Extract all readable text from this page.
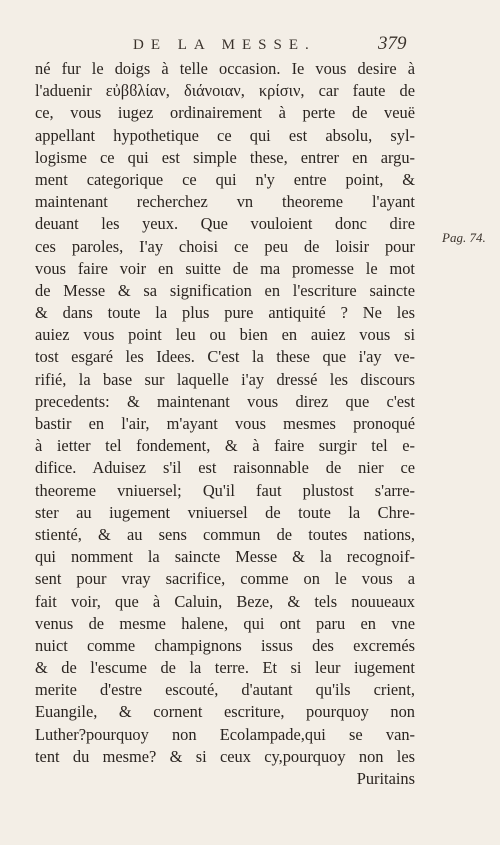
DE LA MESSE.	379
né fur le doigs à telle occasion. Ie vous desire à
l'aduenir εὐβϐλίαν, διάνοιαν, κρίσιν, car faute de
ce, vous iugez ordinairement à perte de veuë
appellant hypothetique ce qui est absolu, syl-
logisme ce qui est simple these, entrer en argu-
ment categorique ce qui n'y entre point, &
maintenant recherchez vn theoreme l'ayant
deuant les yeux. Que vouloient donc dire
ces paroles, I'ay choisi ce peu de loisir pour
vous faire voir en suitte de ma promesse le mot
de Messe & sa signification en l'escriture saincte
& dans toute la plus pure antiquité ? Ne les
auiez vous point leu ou bien en auiez vous si
tost esgaré les Idees. C'est la these que i'ay ve-
rifié, la base sur laquelle i'ay dressé les discours
precedents: & maintenant vous direz que c'est
bastir en l'air, m'ayant vous mesmes pronoqué
à ietter tel fondement, & à faire surgir tel e-
difice. Aduisez s'il est raisonnable de nier ce
theoreme vniuersel; Qu'il faut plustost s'arre-
ster au iugement vniuersel de toute la Chre-
stienté, & au sens commun de toutes nations,
qui nomment la saincte Messe & la recognoif-
sent pour vray sacrifice, comme on le vous a
fait voir, que à Caluin, Beze, & tels nouueaux
venus de mesme halene, qui ont paru en vne
nuict comme champignons issus des excremés
& de l'escume de la terre. Et si leur iugement
merite d'estre escouté, d'autant qu'ils crient,
Euangile, & cornent escriture, pourquoy non
Luther?pourquoy non Ecolampade,qui se van-
tent du mesme? & si ceux cy,pourquoy non les
Puritains
Pag. 74.
